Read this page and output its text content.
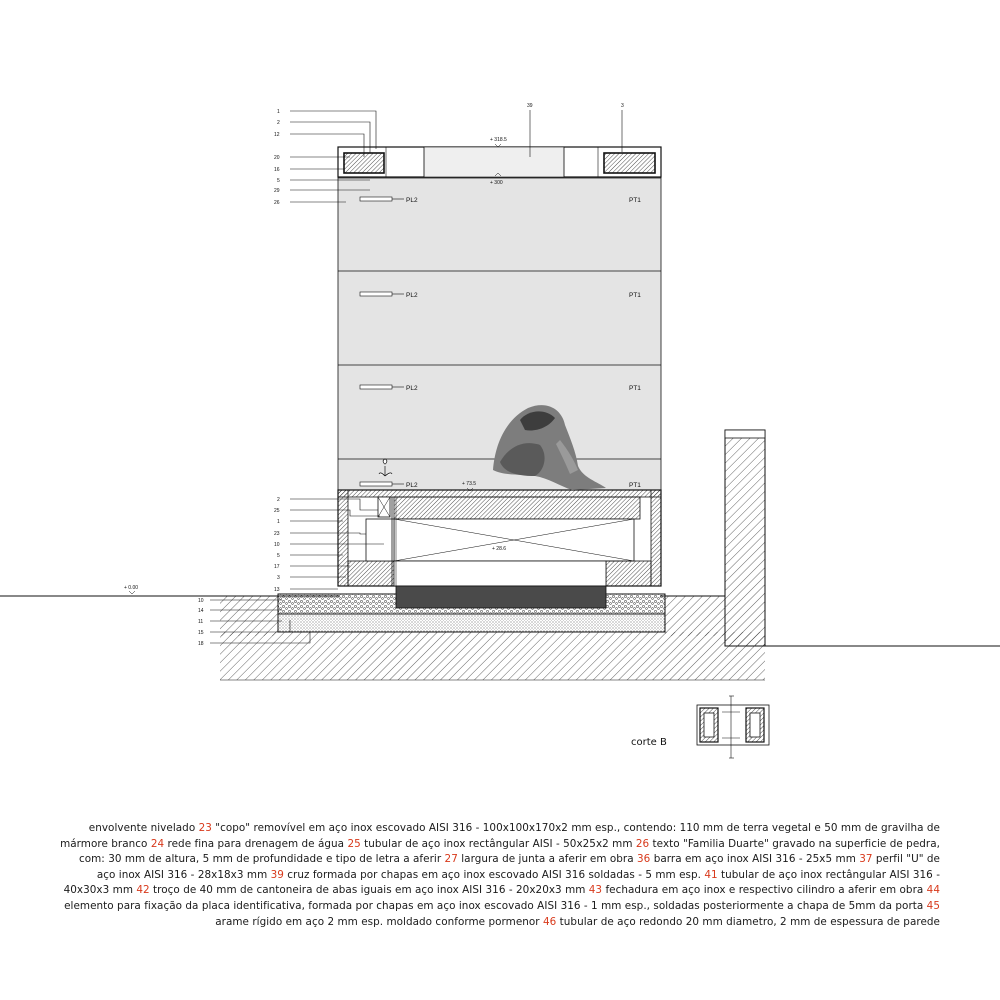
1
2
12
20
16
5
29
26
39	3
2
25
1
23
10
5
17
3
13
10
14
11
15
18
+ 318.5
+ 300
+ 73.5
+ 28.6
+ 0.00
PL2	PT1
PL2	PT1
PL2	PT1
PL2	PT1
corte B
envolvente nivelado 23 "copo" removível em aço inox escovado AISI 316 - 100x100x170x2 mm esp., contendo: 110 mm de terra vegetal e 50 mm de gravilha de mármore branco 24 rede fina para drenagem de água 25 tubular de aço inox rectângular AISI - 50x25x2 mm 26 texto "Familia Duarte" gravado na superficie de pedra, com: 30 mm de altura, 5 mm de profundidade e tipo de letra a aferir 27 largura de junta a aferir em obra 36 barra em aço inox AISI 316 - 25x5 mm 37 perfil "U" de aço inox AISI 316 - 28x18x3 mm 39 cruz formada por chapas em aço inox escovado AISI 316 soldadas - 5 mm esp. 41 tubular de aço inox rectângular AISI 316 - 40x30x3 mm 42 troço de 40 mm de cantoneira de abas iguais em aço inox AISI 316 - 20x20x3 mm 43 fechadura em aço inox e respectivo cilindro a aferir em obra 44 elemento para fixação da placa identificativa, formada por chapas em aço inox escovado AISI 316 - 1 mm esp., soldadas posteriormente a chapa de 5mm da porta 45 arame rígido em aço 2 mm esp. moldado conforme pormenor 46 tubular de aço redondo 20 mm diametro, 2 mm de espessura de parede
